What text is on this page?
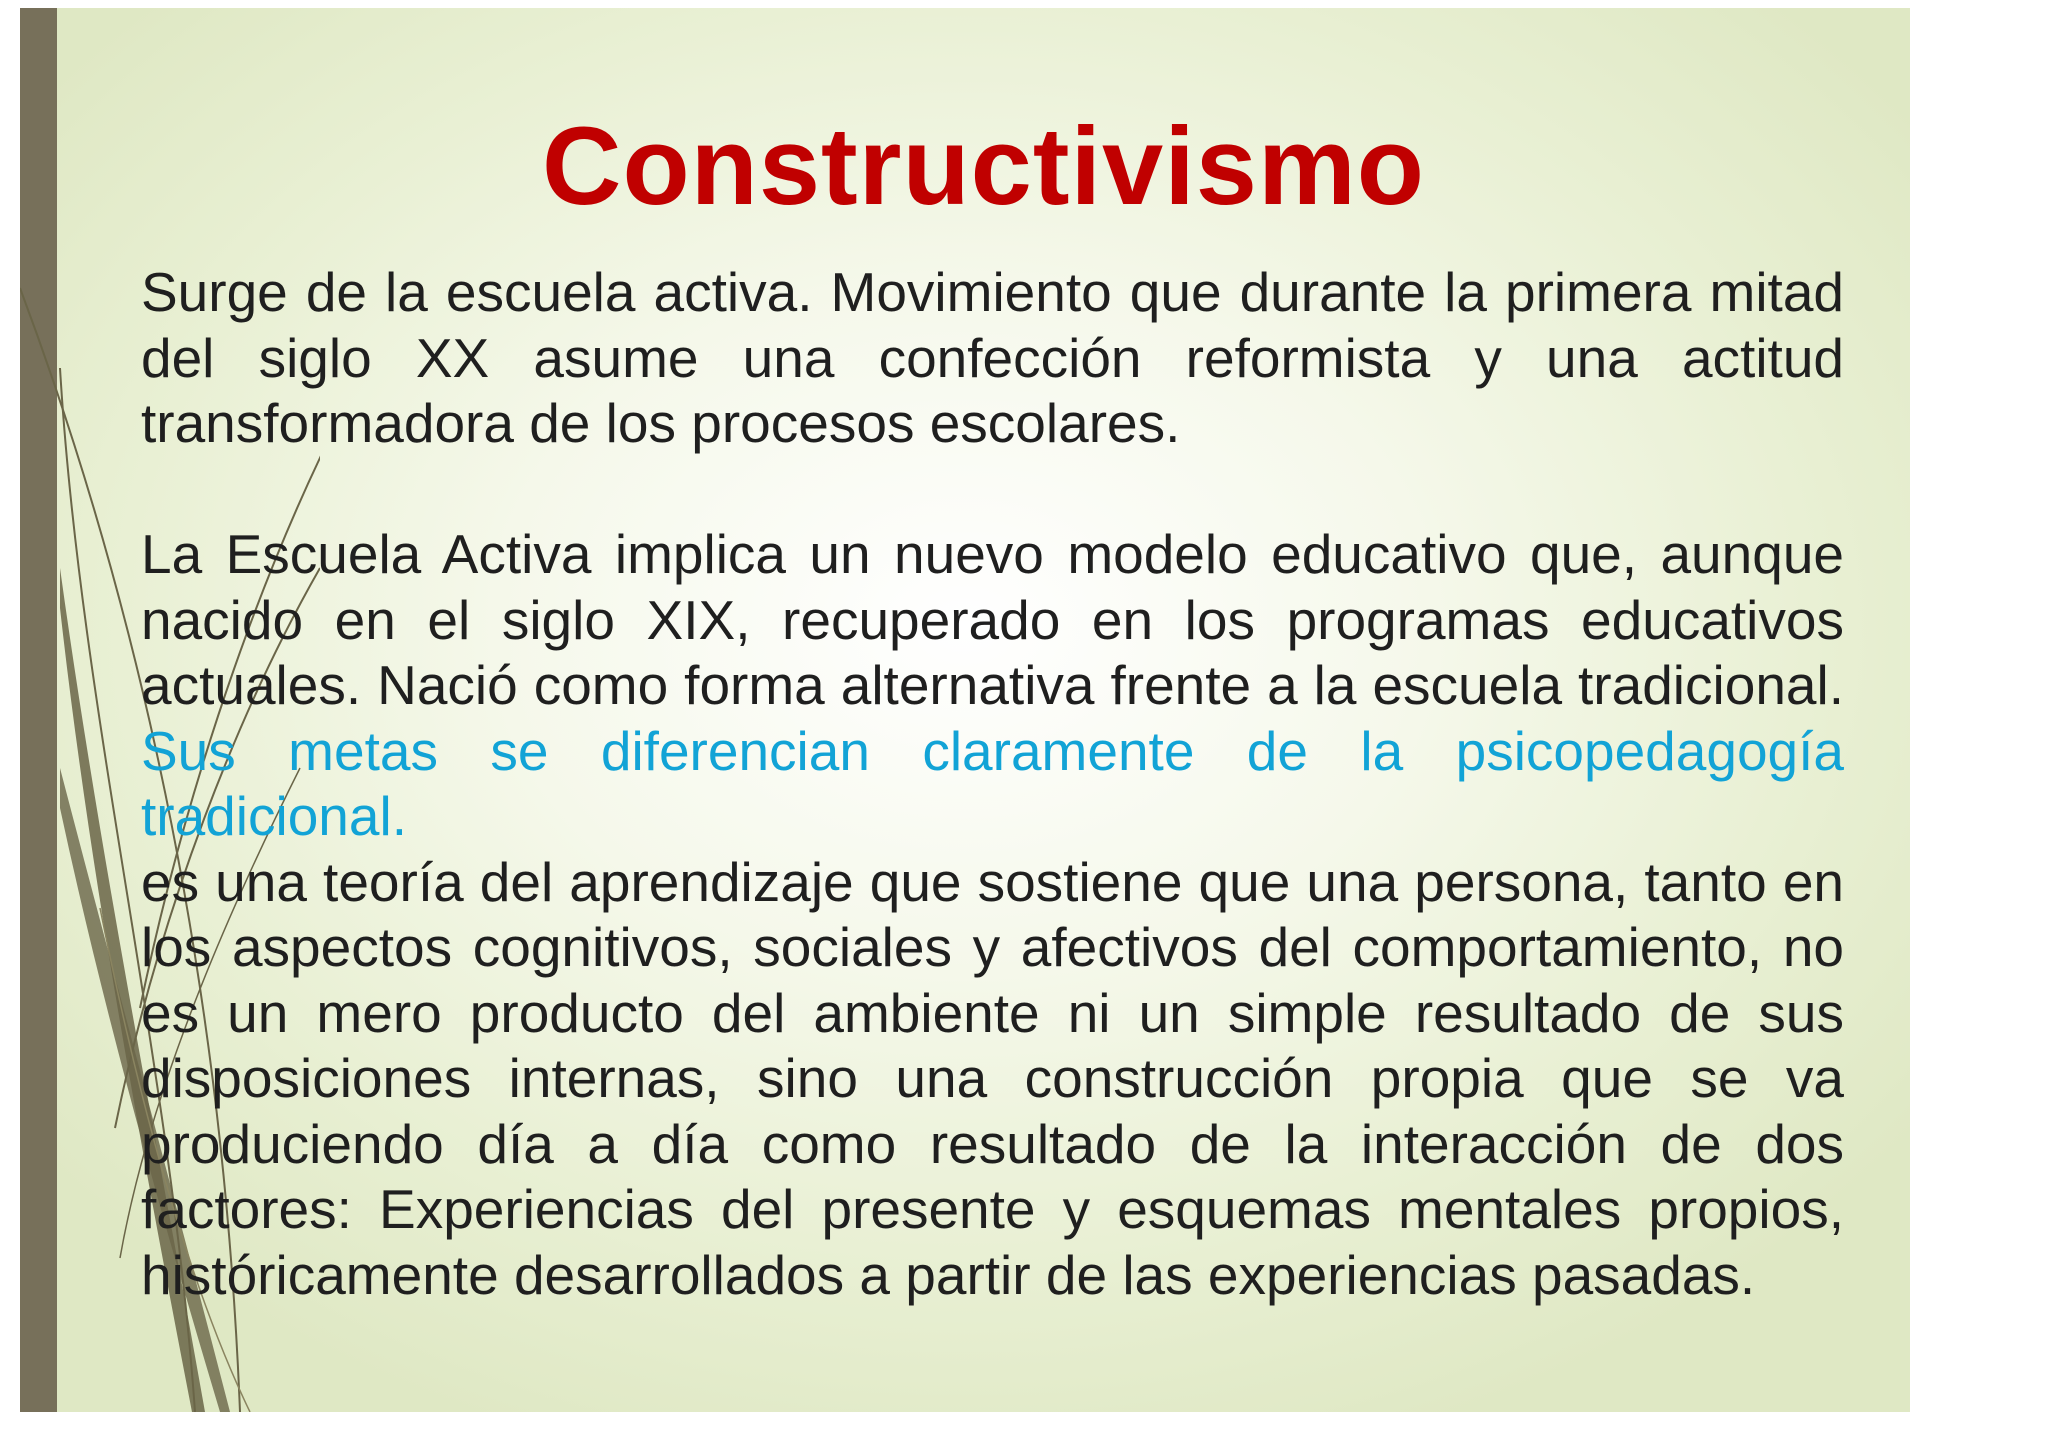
Constructivismo

Surge de la escuela activa. Movimiento que durante la primera mitad del siglo XX asume una confección reformista y una actitud transformadora de los procesos escolares.

La Escuela Activa implica un nuevo modelo educativo que, aunque nacido en el siglo XIX, recuperado en los programas educativos actuales. Nació como forma alternativa frente a la escuela tradicional. Sus metas se diferencian claramente de la psicopedagogía tradicional.

es una teoría del aprendizaje que sostiene que una persona, tanto en los aspectos cognitivos, sociales y afectivos del comportamiento, no es un mero producto del ambiente ni un simple resultado de sus disposiciones internas, sino una construcción propia que se va produciendo día a día como resultado de la interacción de dos factores: Experiencias del presente y esquemas mentales propios, históricamente desarrollados a partir de las experiencias pasadas.
